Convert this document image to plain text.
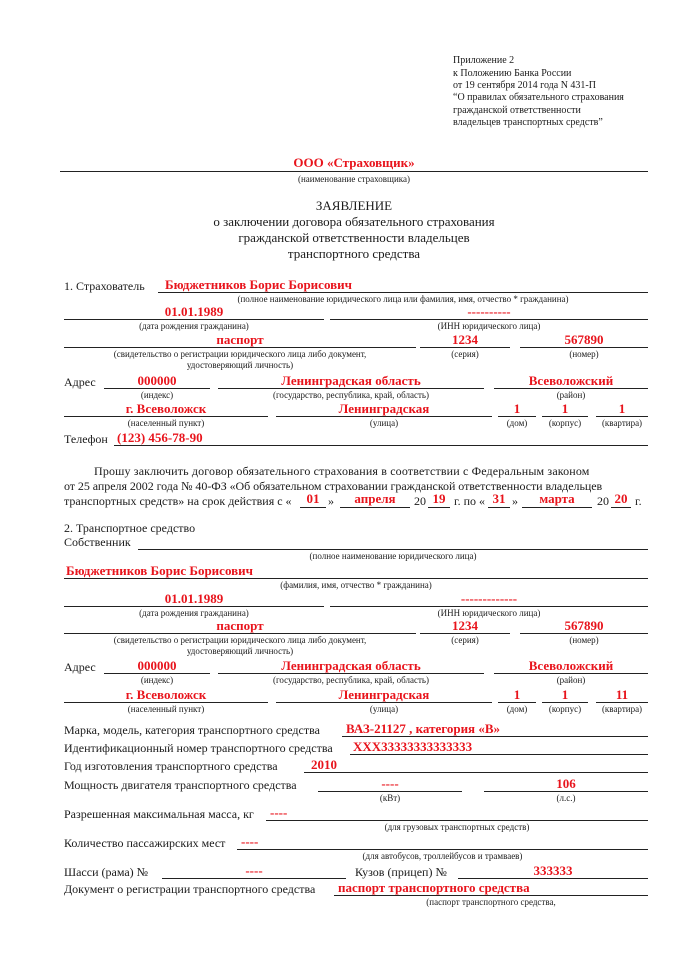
Приложение 2
к Положению Банка России
от 19 сентября 2014 года N 431-П
“О правилах обязательного страхования
гражданской ответственности
владельцев транспортных средств”
ООО «Страховщик»
(наименование страховщика)
ЗАЯВЛЕНИЕ
о заключении договора обязательного страхования
гражданской ответственности владельцев
транспортного средства
1. Страхователь Бюджетников Борис Борисович
(полное наименование юридического лица или фамилия, имя, отчество * гражданина)
01.01.1989	----------
(дата рождения гражданина)	(ИНН юридического лица)
паспорт	1234	567890
(свидетельство о регистрации юридического лица либо документ,
удостоверяющий личность)
(серия)	(номер)
Адрес	000000	Ленинградская область	Всеволожский
(индекс)	(государство, республика, край, область)	(район)
г. Всеволожск	Ленинградская	1	1	1
(населенный пункт)	(улица)	(дом)	(корпус)	(квартира)
Телефон (123) 456-78-90
Прошу заключить договор обязательного страхования в соответствии с Федеральным законом
от 25 апреля 2002 года № 40-ФЗ «Об обязательном страховании гражданской ответственности владельцев
транспортных средств» на срок действия с «	01 »	апреля	20 19 г. по « 31 »	марта	20 20 г.
2. Транспортное средство
Собственник
(полное наименование юридического лица)
Бюджетников Борис Борисович
(фамилия, имя, отчество * гражданина)
01.01.1989	-------------
(дата рождения гражданина)	(ИНН юридического лица)
паспорт	1234	567890
(свидетельство о регистрации юридического лица либо документ,
удостоверяющий личность)
(серия)	(номер)
Адрес	000000	Ленинградская область	Всеволожский
(индекс)	(государство, республика, край, область)	(район)
г. Всеволожск	Ленинградская	1	1	11
(населенный пункт)	(улица)	(дом)	(корпус)	(квартира)
Марка, модель, категория транспортного средства ВАЗ-21127 , категория «В»
Идентификационный номер транспортного средства XXX33333333333333
Год изготовления транспортного средства	2010
Мощность двигателя транспортного средства	----	106
(кВт)	(л.с.)
Разрешенная максимальная масса, кг ----
(для грузовых транспортных средств)
Количество пассажирских мест ----
(для автобусов, троллейбусов и трамваев)
Шасси (рама) №	----	Кузов (прицеп) №	333333
Документ о регистрации транспортного средства паспорт транспортного средства
(паспорт транспортного средства,
